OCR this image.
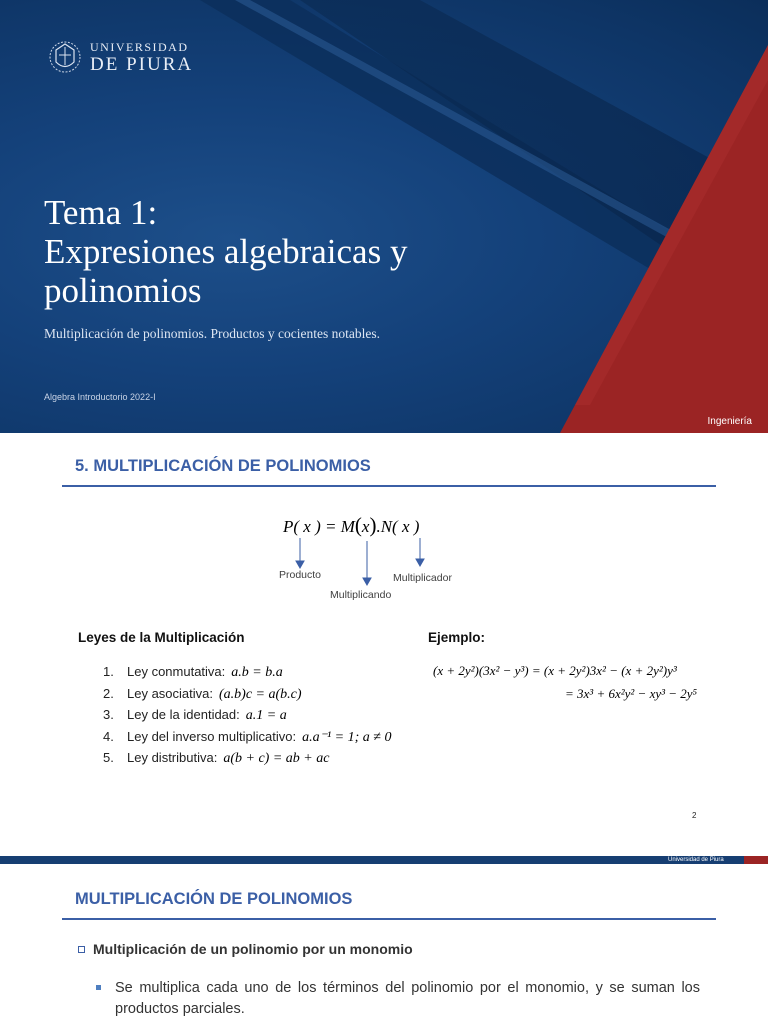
UNIVERSIDAD
DE PIURA
Tema 1:
Expresiones algebraicas y
polinomios
Multiplicación de polinomios. Productos y cocientes notables.
Algebra Introductorio 2022-I
Ingeniería
5. MULTIPLICACIÓN DE POLINOMIOS
P( x ) = M(x).N( x )
Producto
Multiplicando
Multiplicador
Leyes de la Multiplicación	Ejemplo:
1.	Ley conmutativa: a.b = b.a
2.	Ley asociativa: (a.b)c = a(b.c)
3.	Ley de la identidad: a.1 = a
4.	Ley del inverso multiplicativo: a.a⁻¹ = 1; a ≠ 0
5.	Ley distributiva: a(b + c) = ab + ac
(x + 2y²)(3x² − y³) = (x + 2y²)3x² − (x + 2y²)y³
= 3x³ + 6x²y² − xy³ − 2y⁵
2
Universidad de Piura
MULTIPLICACIÓN DE POLINOMIOS
Multiplicación de un polinomio por un monomio
Se multiplica cada uno de los términos del polinomio por el monomio, y se suman los productos parciales.
